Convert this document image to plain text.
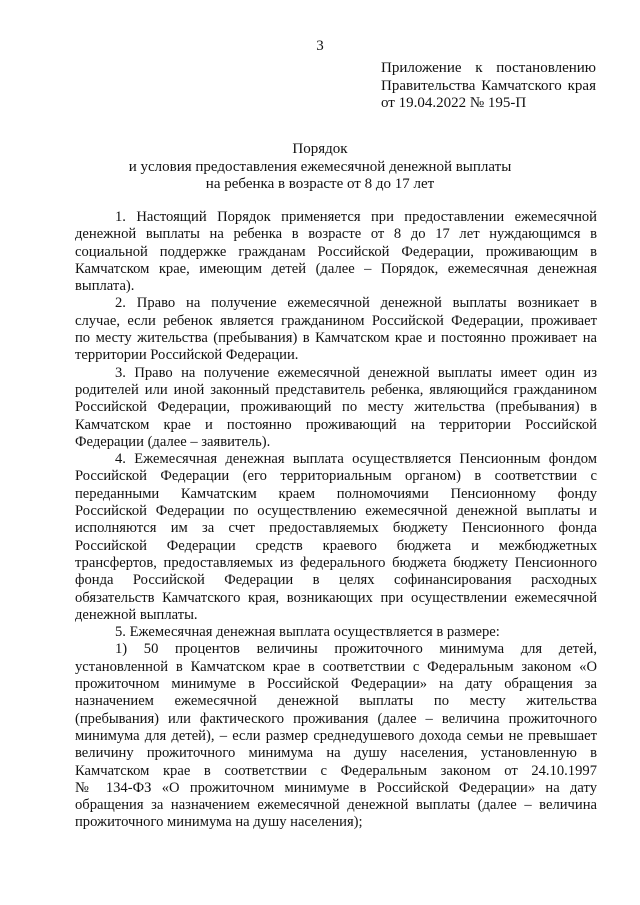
3
Приложение к постановлению
Правительства Камчатского края
от 19.04.2022 № 195-П
Порядок
и условия предоставления ежемесячной денежной выплаты
на ребенка в возрасте от 8 до 17 лет
1. Настоящий Порядок применяется при предоставлении ежемесячной
денежной выплаты на ребенка в возрасте от 8 до 17 лет нуждающимся в
социальной поддержке гражданам Российской Федерации, проживающим в
Камчатском крае, имеющим детей (далее – Порядок, ежемесячная денежная
выплата).
2. Право на получение ежемесячной денежной выплаты возникает в
случае, если ребенок является гражданином Российской Федерации, проживает
по месту жительства (пребывания) в Камчатском крае и постоянно проживает на
территории Российской Федерации.
3. Право на получение ежемесячной денежной выплаты имеет один из
родителей или иной законный представитель ребенка, являющийся гражданином
Российской Федерации, проживающий по месту жительства (пребывания) в
Камчатском крае и постоянно проживающий на территории Российской
Федерации (далее – заявитель).
4. Ежемесячная денежная выплата осуществляется Пенсионным фондом
Российской Федерации (его территориальным органом) в соответствии с
переданными Камчатским краем полномочиями Пенсионному фонду
Российской Федерации по осуществлению ежемесячной денежной выплаты и
исполняются им за счет предоставляемых бюджету Пенсионного фонда
Российской Федерации средств краевого бюджета и межбюджетных
трансфертов, предоставляемых из федерального бюджета бюджету Пенсионного
фонда Российской Федерации в целях софинансирования расходных
обязательств Камчатского края, возникающих при осуществлении ежемесячной
денежной выплаты.
5. Ежемесячная денежная выплата осуществляется в размере:
1) 50 процентов величины прожиточного минимума для детей,
установленной в Камчатском крае в соответствии с Федеральным законом «О
прожиточном минимуме в Российской Федерации» на дату обращения за
назначением ежемесячной денежной выплаты по месту жительства
(пребывания) или фактического проживания (далее – величина прожиточного
минимума для детей), – если размер среднедушевого дохода семьи не превышает
величину прожиточного минимума на душу населения, установленную в
Камчатском крае в соответствии с Федеральным законом от 24.10.1997
№ 134-ФЗ «О прожиточном минимуме в Российской Федерации» на дату
обращения за назначением ежемесячной денежной выплаты (далее – величина
прожиточного минимума на душу населения);
